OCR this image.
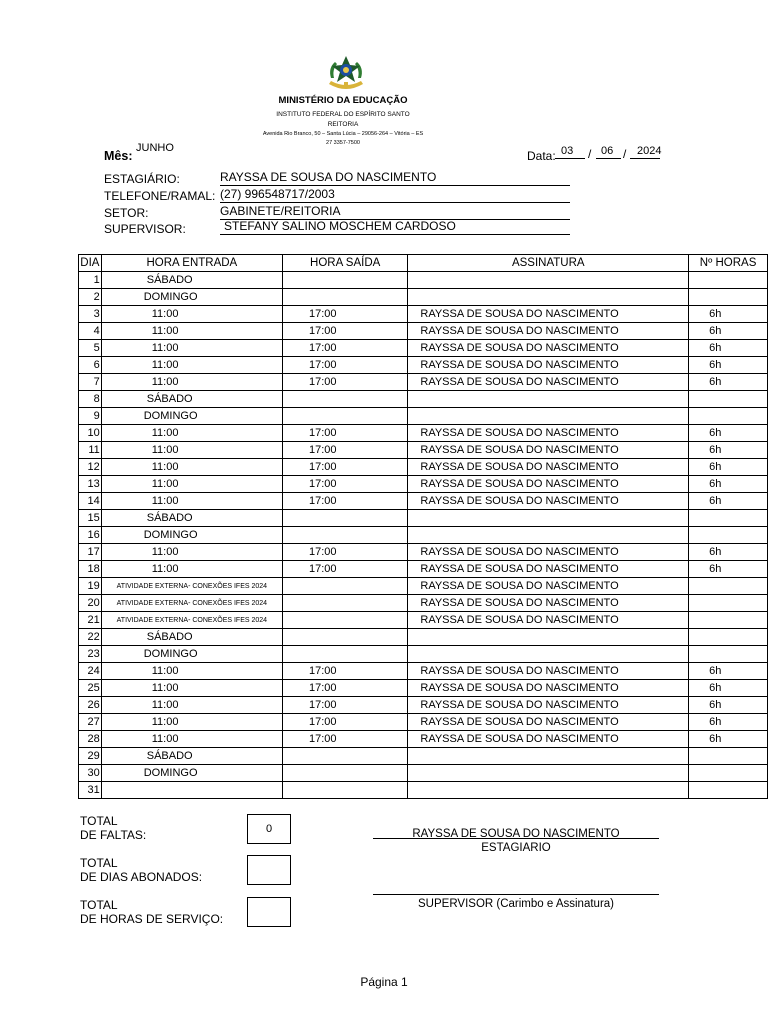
MINISTÉRIO DA EDUCAÇÃO
INSTITUTO FEDERAL DO ESPÍRITO SANTO
REITORIA
Avenida Rio Branco, 50 – Santa Lúcia – 29056-264 – Vitória – ES
27 3357-7500
Mês:
JUNHO
Data: 03 / 06 / 2024
ESTAGIÁRIO:	RAYSSA DE SOUSA DO NASCIMENTO
TELEFONE/RAMAL: (27) 996548717/2003
SETOR:	GABINETE/REITORIA
SUPERVISOR:	STEFANY SALINO MOSCHEM CARDOSO
DIA	HORA ENTRADA	HORA SAÍDA	ASSINATURA	Nº HORAS
1	SÁBADO			
2	DOMINGO			
3	11:00	17:00	RAYSSA DE SOUSA DO NASCIMENTO	6h
4	11:00	17:00	RAYSSA DE SOUSA DO NASCIMENTO	6h
5	11:00	17:00	RAYSSA DE SOUSA DO NASCIMENTO	6h
6	11:00	17:00	RAYSSA DE SOUSA DO NASCIMENTO	6h
7	11:00	17:00	RAYSSA DE SOUSA DO NASCIMENTO	6h
8	SÁBADO			
9	DOMINGO			
10	11:00	17:00	RAYSSA DE SOUSA DO NASCIMENTO	6h
11	11:00	17:00	RAYSSA DE SOUSA DO NASCIMENTO	6h
12	11:00	17:00	RAYSSA DE SOUSA DO NASCIMENTO	6h
13	11:00	17:00	RAYSSA DE SOUSA DO NASCIMENTO	6h
14	11:00	17:00	RAYSSA DE SOUSA DO NASCIMENTO	6h
15	SÁBADO			
16	DOMINGO			
17	11:00	17:00	RAYSSA DE SOUSA DO NASCIMENTO	6h
18	11:00	17:00	RAYSSA DE SOUSA DO NASCIMENTO	6h
19	ATIVIDADE EXTERNA- CONEXÕES IFES 2024		RAYSSA DE SOUSA DO NASCIMENTO	
20	ATIVIDADE EXTERNA- CONEXÕES IFES 2024		RAYSSA DE SOUSA DO NASCIMENTO	
21	ATIVIDADE EXTERNA- CONEXÕES IFES 2024		RAYSSA DE SOUSA DO NASCIMENTO	
22	SÁBADO			
23	DOMINGO			
24	11:00	17:00	RAYSSA DE SOUSA DO NASCIMENTO	6h
25	11:00	17:00	RAYSSA DE SOUSA DO NASCIMENTO	6h
26	11:00	17:00	RAYSSA DE SOUSA DO NASCIMENTO	6h
27	11:00	17:00	RAYSSA DE SOUSA DO NASCIMENTO	6h
28	11:00	17:00	RAYSSA DE SOUSA DO NASCIMENTO	6h
29	SÁBADO			
30	DOMINGO			
31				
TOTAL
DE FALTAS:	0
TOTAL
DE DIAS ABONADOS:
TOTAL
DE HORAS DE SERVIÇO:
RAYSSA DE SOUSA DO NASCIMENTO
ESTAGIARIO
SUPERVISOR (Carimbo e Assinatura)
Página 1
